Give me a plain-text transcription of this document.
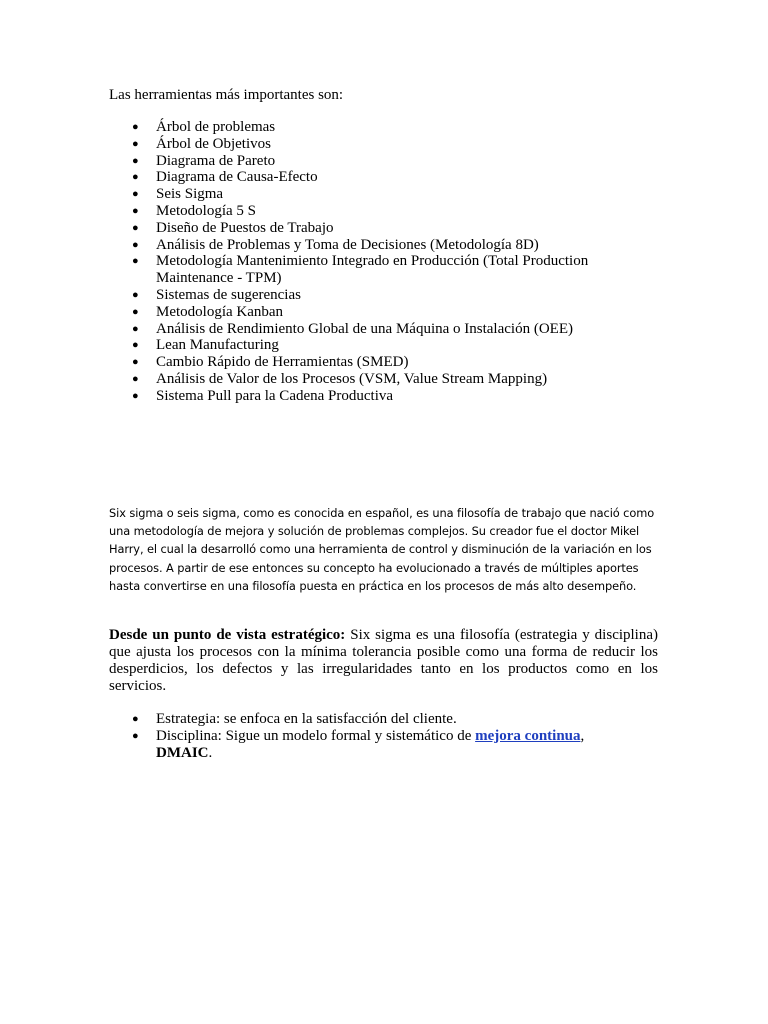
Las herramientas más importantes son:

● Árbol de problemas
● Árbol de Objetivos
● Diagrama de Pareto
● Diagrama de Causa-Efecto
● Seis Sigma
● Metodología 5 S
● Diseño de Puestos de Trabajo
● Análisis de Problemas y Toma de Decisiones (Metodología 8D)
● Metodología Mantenimiento Integrado en Producción (Total Production
Maintenance - TPM)
● Sistemas de sugerencias
● Metodología Kanban
● Análisis de Rendimiento Global de una Máquina o Instalación (OEE)
● Lean Manufacturing
● Cambio Rápido de Herramientas (SMED)
● Análisis de Valor de los Procesos (VSM, Value Stream Mapping)
● Sistema Pull para la Cadena Productiva

Six sigma o seis sigma, como es conocida en español, es una filosofía de trabajo que nació como una metodología de mejora y solución de problemas complejos. Su creador fue el doctor Mikel Harry, el cual la desarrolló como una herramienta de control y disminución de la variación en los procesos. A partir de ese entonces su concepto ha evolucionado a través de múltiples aportes hasta convertirse en una filosofía puesta en práctica en los procesos de más alto desempeño.

Desde un punto de vista estratégico: Six sigma es una filosofía (estrategia y disciplina) que ajusta los procesos con la mínima tolerancia posible como una forma de reducir los desperdicios, los defectos y las irregularidades tanto en los productos como en los servicios.

● Estrategia: se enfoca en la satisfacción del cliente.
● Disciplina: Sigue un modelo formal y sistemático de mejora continua,
DMAIC.
